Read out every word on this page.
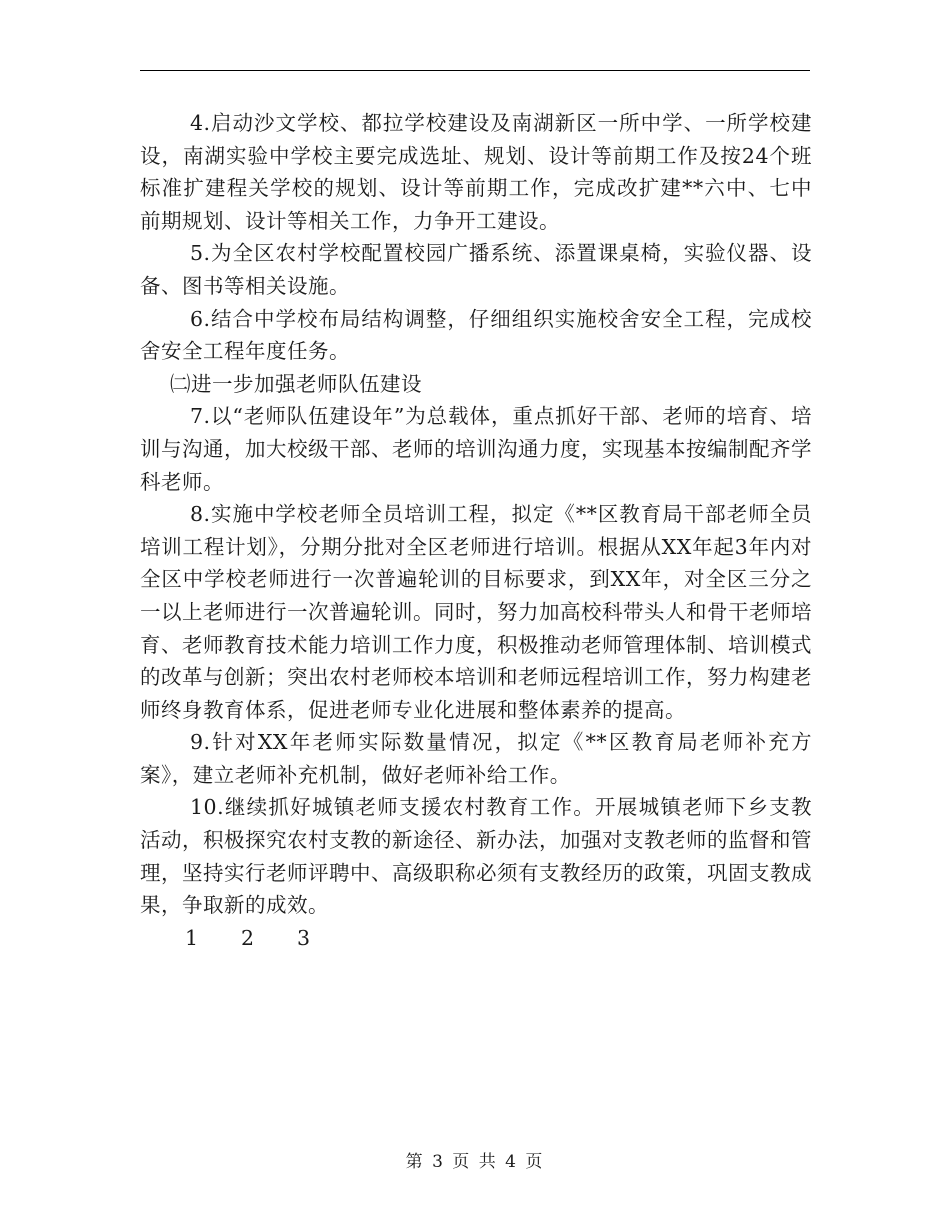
4.启动沙文学校、都拉学校建设及南湖新区一所中学、一所学校建设，南湖实验中学校主要完成选址、规划、设计等前期工作及按24个班标准扩建程关学校的规划、设计等前期工作，完成改扩建**六中、七中前期规划、设计等相关工作，力争开工建设。

5.为全区农村学校配置校园广播系统、添置课桌椅，实验仪器、设备、图书等相关设施。

6.结合中学校布局结构调整，仔细组织实施校舍安全工程，完成校舍安全工程年度任务。

㈡进一步加强老师队伍建设

7.以“老师队伍建设年”为总载体，重点抓好干部、老师的培育、培训与沟通，加大校级干部、老师的培训沟通力度，实现基本按编制配齐学科老师。

8.实施中学校老师全员培训工程，拟定《**区教育局干部老师全员培训工程计划》，分期分批对全区老师进行培训。根据从XX年起3年内对全区中学校老师进行一次普遍轮训的目标要求，到XX年，对全区三分之一以上老师进行一次普遍轮训。同时，努力加高校科带头人和骨干老师培育、老师教育技术能力培训工作力度，积极推动老师管理体制、培训模式的改革与创新；突出农村老师校本培训和老师远程培训工作，努力构建老师终身教育体系，促进老师专业化进展和整体素养的提高。

9.针对XX年老师实际数量情况，拟定《**区教育局老师补充方案》，建立老师补充机制，做好老师补给工作。

10.继续抓好城镇老师支援农村教育工作。开展城镇老师下乡支教活动，积极探究农村支教的新途径、新办法，加强对支教老师的监督和管理，坚持实行老师评聘中、高级职称必须有支教经历的政策，巩固支教成果，争取新的成效。

1 2 3

第 3 页 共 4 页
